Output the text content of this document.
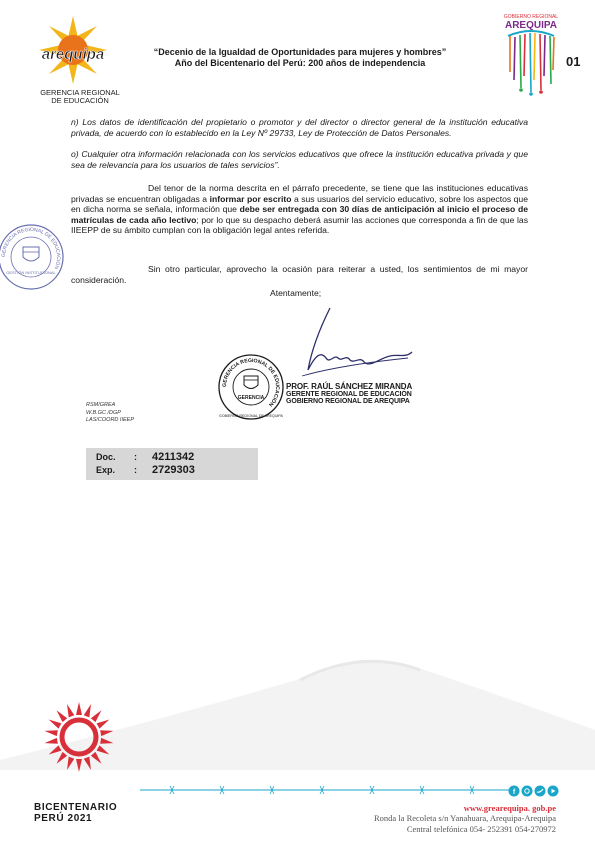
arequipa
GERENCIA REGIONAL
DE EDUCACIÓN
“Decenio de la Igualdad de Oportunidades para mujeres y hombres”
Año del Bicentenario del Perú: 200 años de independencia
GOBIERNO REGIONAL
AREQUIPA
01
n) Los datos de identificación del propietario o promotor y del director o director general de la institución educativa privada, de acuerdo con lo establecido en la Ley Nº 29733, Ley de Protección de Datos Personales.
o) Cualquier otra información relacionada con los servicios educativos que ofrece la institución educativa privada y que sea de relevancia para los usuarios de tales servicios”.
Del tenor de la norma descrita en el párrafo precedente, se tiene que las instituciones educativas privadas se encuentran obligadas a informar por escrito a sus usuarios del servicio educativo, sobre los aspectos que en dicha norma se señala, información que debe ser entregada con 30 días de anticipación al inicio el proceso de matrículas de cada año lectivo; por lo que su despacho deberá asumir las acciones que corresponda a fin de que las IIEEPP de su ámbito cumplan con la obligación legal antes referida.
Sin otro particular, aprovecho la ocasión para reiterar a usted, los sentimientos de mi mayor consideración.
Atentamente;
GERENCIA REGIONAL DE EDUCACIÓN
GESTIÓN INSTITUCIONAL
GERENCIA REGIONAL DE EDUCACIÓN
GERENCIA
GOBIERNO REGIONAL DE AREQUIPA
PROF. RAÚL SÁNCHEZ MIRANDA
GERENTE REGIONAL DE EDUCACIÓN
GOBIERNO REGIONAL DE AREQUIPA
RSM/GREA
W.B.GC /DGP
LAS/COORD IIEEP
Doc. : 4211342
Exp. : 2729303
BICENTENARIO
PERÚ 2021
f
www.grearequipa. gob.pe
Ronda la Recoleta s/n Yanahuara, Arequipa-Arequipa
Central telefónica 054- 252391 054-270972
